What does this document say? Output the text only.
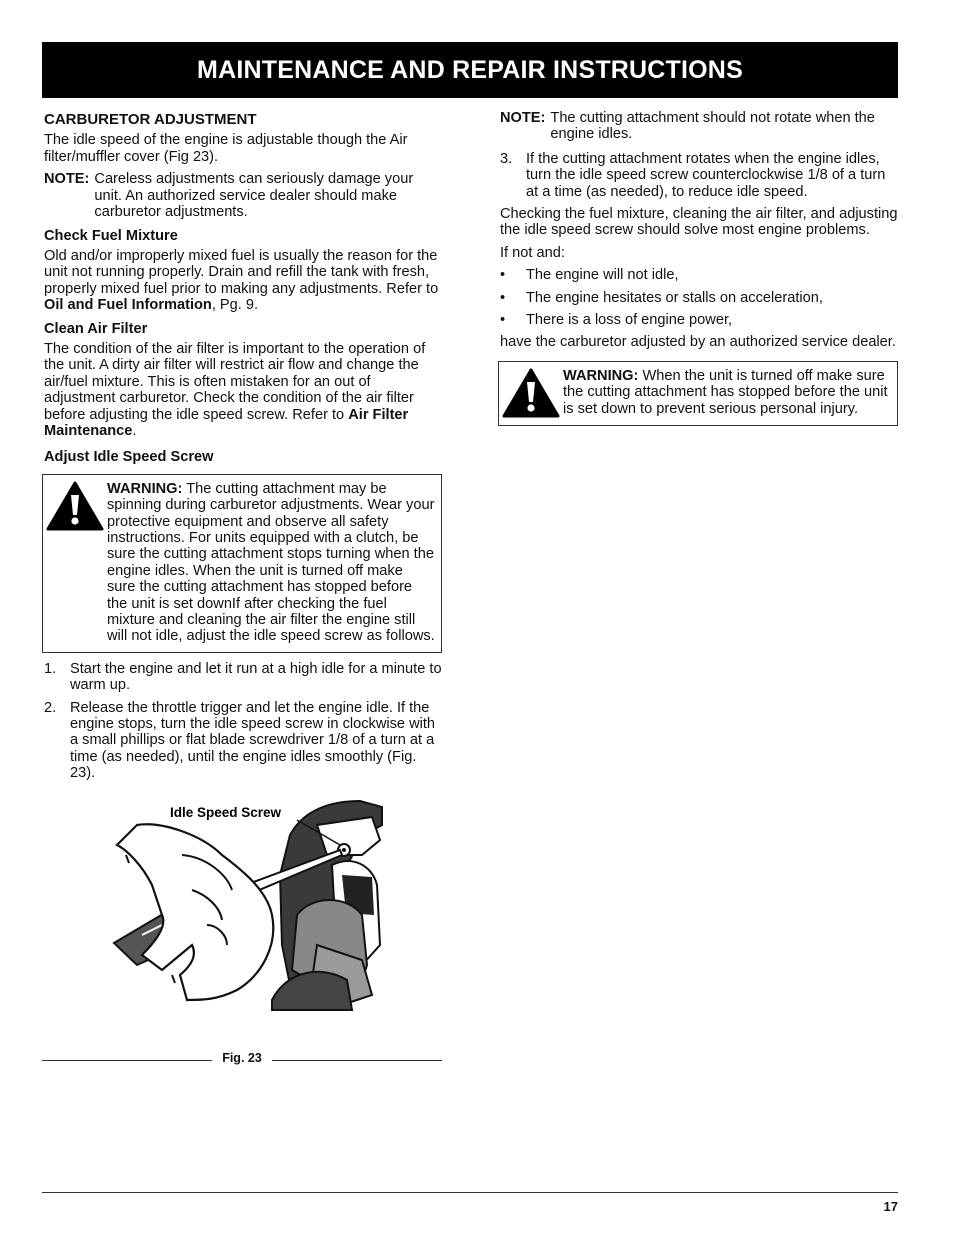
MAINTENANCE AND REPAIR INSTRUCTIONS
CARBURETOR ADJUSTMENT

The idle speed of the engine is adjustable though the Air filter/muffler cover (Fig 23).

NOTE: Careless adjustments can seriously damage your unit. An authorized service dealer should make carburetor adjustments.
Check Fuel Mixture

Old and/or improperly mixed fuel is usually the reason for the unit not running properly. Drain and refill the tank with fresh, properly mixed fuel prior to making any adjustments. Refer to Oil and Fuel Information, Pg. 9.

Clean Air Filter

The condition of the air filter is important to the operation of the unit. A dirty air filter will restrict air flow and change the air/fuel mixture. This is often mistaken for an out of adjustment carburetor. Check the condition of the air filter before adjusting the idle speed screw. Refer to Air Filter Maintenance.

Adjust Idle Speed Screw
WARNING: The cutting attachment may be spinning during carburetor adjustments. Wear your protective equipment and observe all safety instructions. For units equipped with a clutch, be sure the cutting attachment stops turning when the engine idles. When the unit is turned off make sure the cutting attachment has stopped before the unit is set downIf after checking the fuel mixture and cleaning the air filter the engine still will not idle, adjust the idle speed screw as follows.
1. Start the engine and let it run at a high idle for a minute to warm up.
2. Release the throttle trigger and let the engine idle. If the engine stops, turn the idle speed screw in clockwise with a small phillips or flat blade screwdriver 1/8 of a turn at a time (as needed), until the engine idles smoothly (Fig. 23).
Idle Speed Screw
Fig. 23
NOTE: The cutting attachment should not rotate when the engine idles.
3. If the cutting attachment rotates when the engine idles, turn the idle speed screw counterclockwise 1/8 of a turn at a time (as needed), to reduce idle speed.

Checking the fuel mixture, cleaning the air filter, and adjusting the idle speed screw should solve most engine problems.

If not and:

•	The engine will not idle,
•	The engine hesitates or stalls on acceleration,
•	There is a loss of engine power,

have the carburetor adjusted by an authorized service dealer.

WARNING: When the unit is turned off make sure the cutting attachment has stopped before the unit is set down to prevent serious personal injury.
17
